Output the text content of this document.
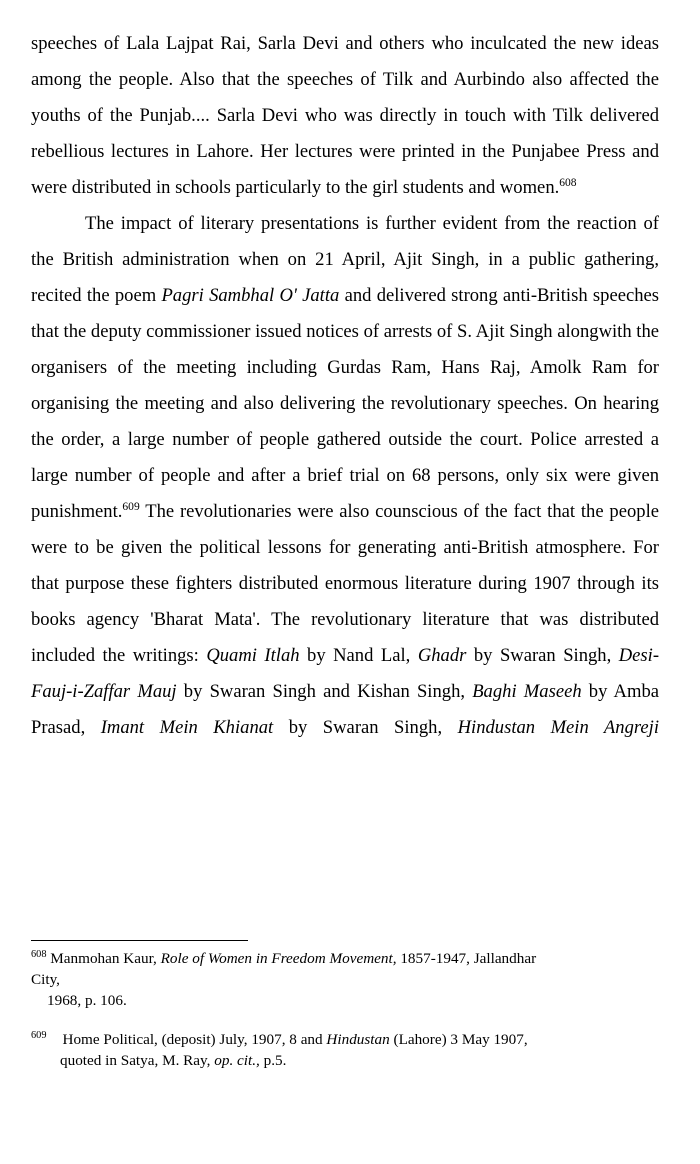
speeches of Lala Lajpat Rai, Sarla Devi and others who inculcated the new ideas among the people. Also that the speeches of Tilk and Aurbindo also affected the youths of the Punjab.... Sarla Devi who was directly in touch with Tilk delivered rebellious lectures in Lahore. Her lectures were printed in the Punjabee Press and were distributed in schools particularly to the girl students and women.$^{608}$

The impact of literary presentations is further evident from the reaction of the British administration when on 21 April, Ajit Singh, in a public gathering, recited the poem Pagri Sambhal O' Jatta and delivered strong anti-British speeches that the deputy commissioner issued notices of arrests of S. Ajit Singh alongwith the organisers of the meeting including Gurdas Ram, Hans Raj, Amolk Ram for organising the meeting and also delivering the revolutionary speeches. On hearing the order, a large number of people gathered outside the court. Police arrested a large number of people and after a brief trial on 68 persons, only six were given punishment.$^{609}$ The revolutionaries were also counscious of the fact that the people were to be given the political lessons for generating anti-British atmosphere. For that purpose these fighters distributed enormous literature during 1907 through its books agency 'Bharat Mata'. The revolutionary literature that was distributed included the writings: Quami Itlah by Nand Lal, Ghadr by Swaran Singh, Desi-Fauj-i-Zaffar Mauj by Swaran Singh and Kishan Singh, Baghi Maseeh by Amba Prasad, Imant Mein Khianat by Swaran Singh, Hindustan Mein Angreji

$^{608}$ Manmohan Kaur, Role of Women in Freedom Movement, 1857-1947, Jallandhar

City,

1968, p. 106.

$^{609}$ Home Political, (deposit) July, 1907, 8 and Hindustan (Lahore) 3 May 1907,

quoted in Satya, M. Ray, op. cit., p.5.
